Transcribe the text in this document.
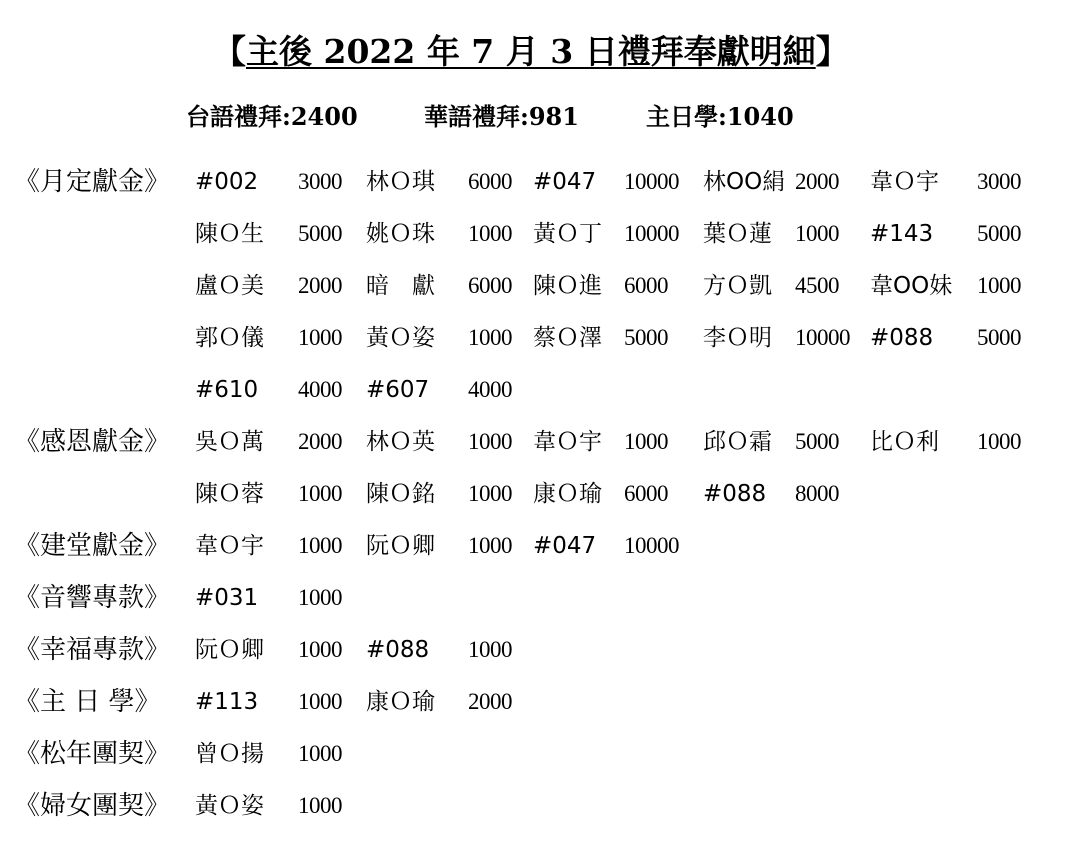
【主後 2022 年 7 月 3 日禮拜奉獻明細】
台語禮拜:2400	華語禮拜:981	主日學:1040
《月定獻金》 #002 3000 林Ｏ琪 6000 #047 10000 林OO絹 2000 韋Ｏ宇 3000
陳Ｏ生 5000 姚Ｏ珠 1000 黃Ｏ丁 10000 葉Ｏ蓮 1000 #143 5000
盧Ｏ美 2000 暗　獻 6000 陳Ｏ進 6000 方Ｏ凱 4500 韋OO妹 1000
郭Ｏ儀 1000 黃Ｏ姿 1000 蔡Ｏ澤 5000 李Ｏ明 10000 #088 5000
#610 4000 #607 4000
《感恩獻金》 吳Ｏ萬 2000 林Ｏ英 1000 韋Ｏ宇 1000 邱Ｏ霜 5000 比Ｏ利 1000
陳Ｏ蓉 1000 陳Ｏ銘 1000 康Ｏ瑜 6000 #088 8000
《建堂獻金》 韋Ｏ宇 1000 阮Ｏ卿 1000 #047 10000
《音響專款》 #031 1000
《幸福專款》 阮Ｏ卿 1000 #088 1000
《主 日 學》 #113 1000 康Ｏ瑜 2000
《松年團契》 曾Ｏ揚 1000
《婦女團契》 黃Ｏ姿 1000
